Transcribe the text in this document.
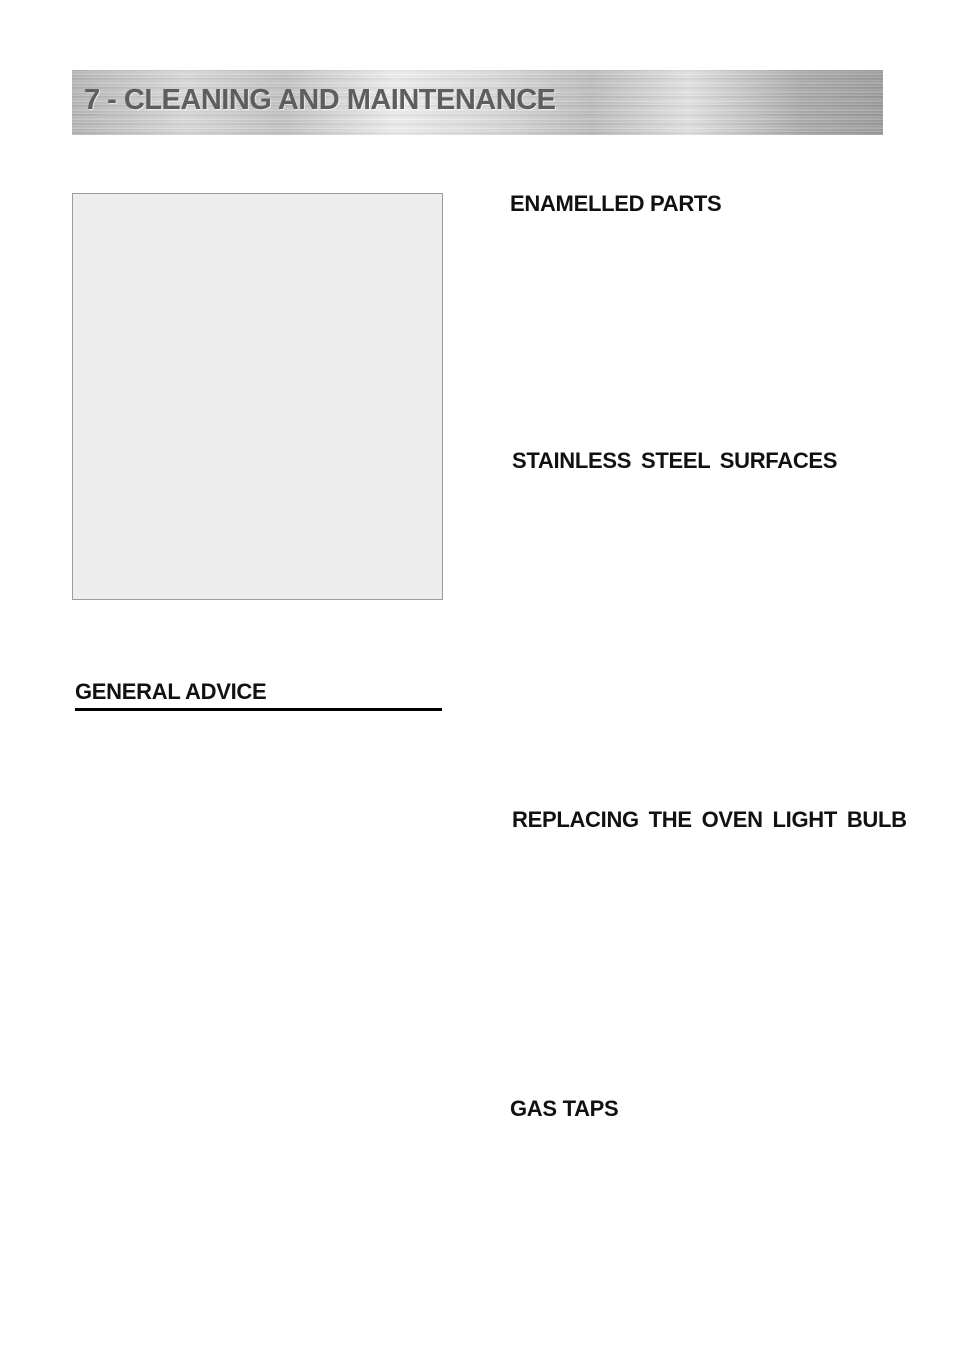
7 - CLEANING AND MAINTENANCE
GENERAL ADVICE
ENAMELLED PARTS
STAINLESS STEEL SURFACES
REPLACING THE OVEN LIGHT BULB
GAS TAPS
